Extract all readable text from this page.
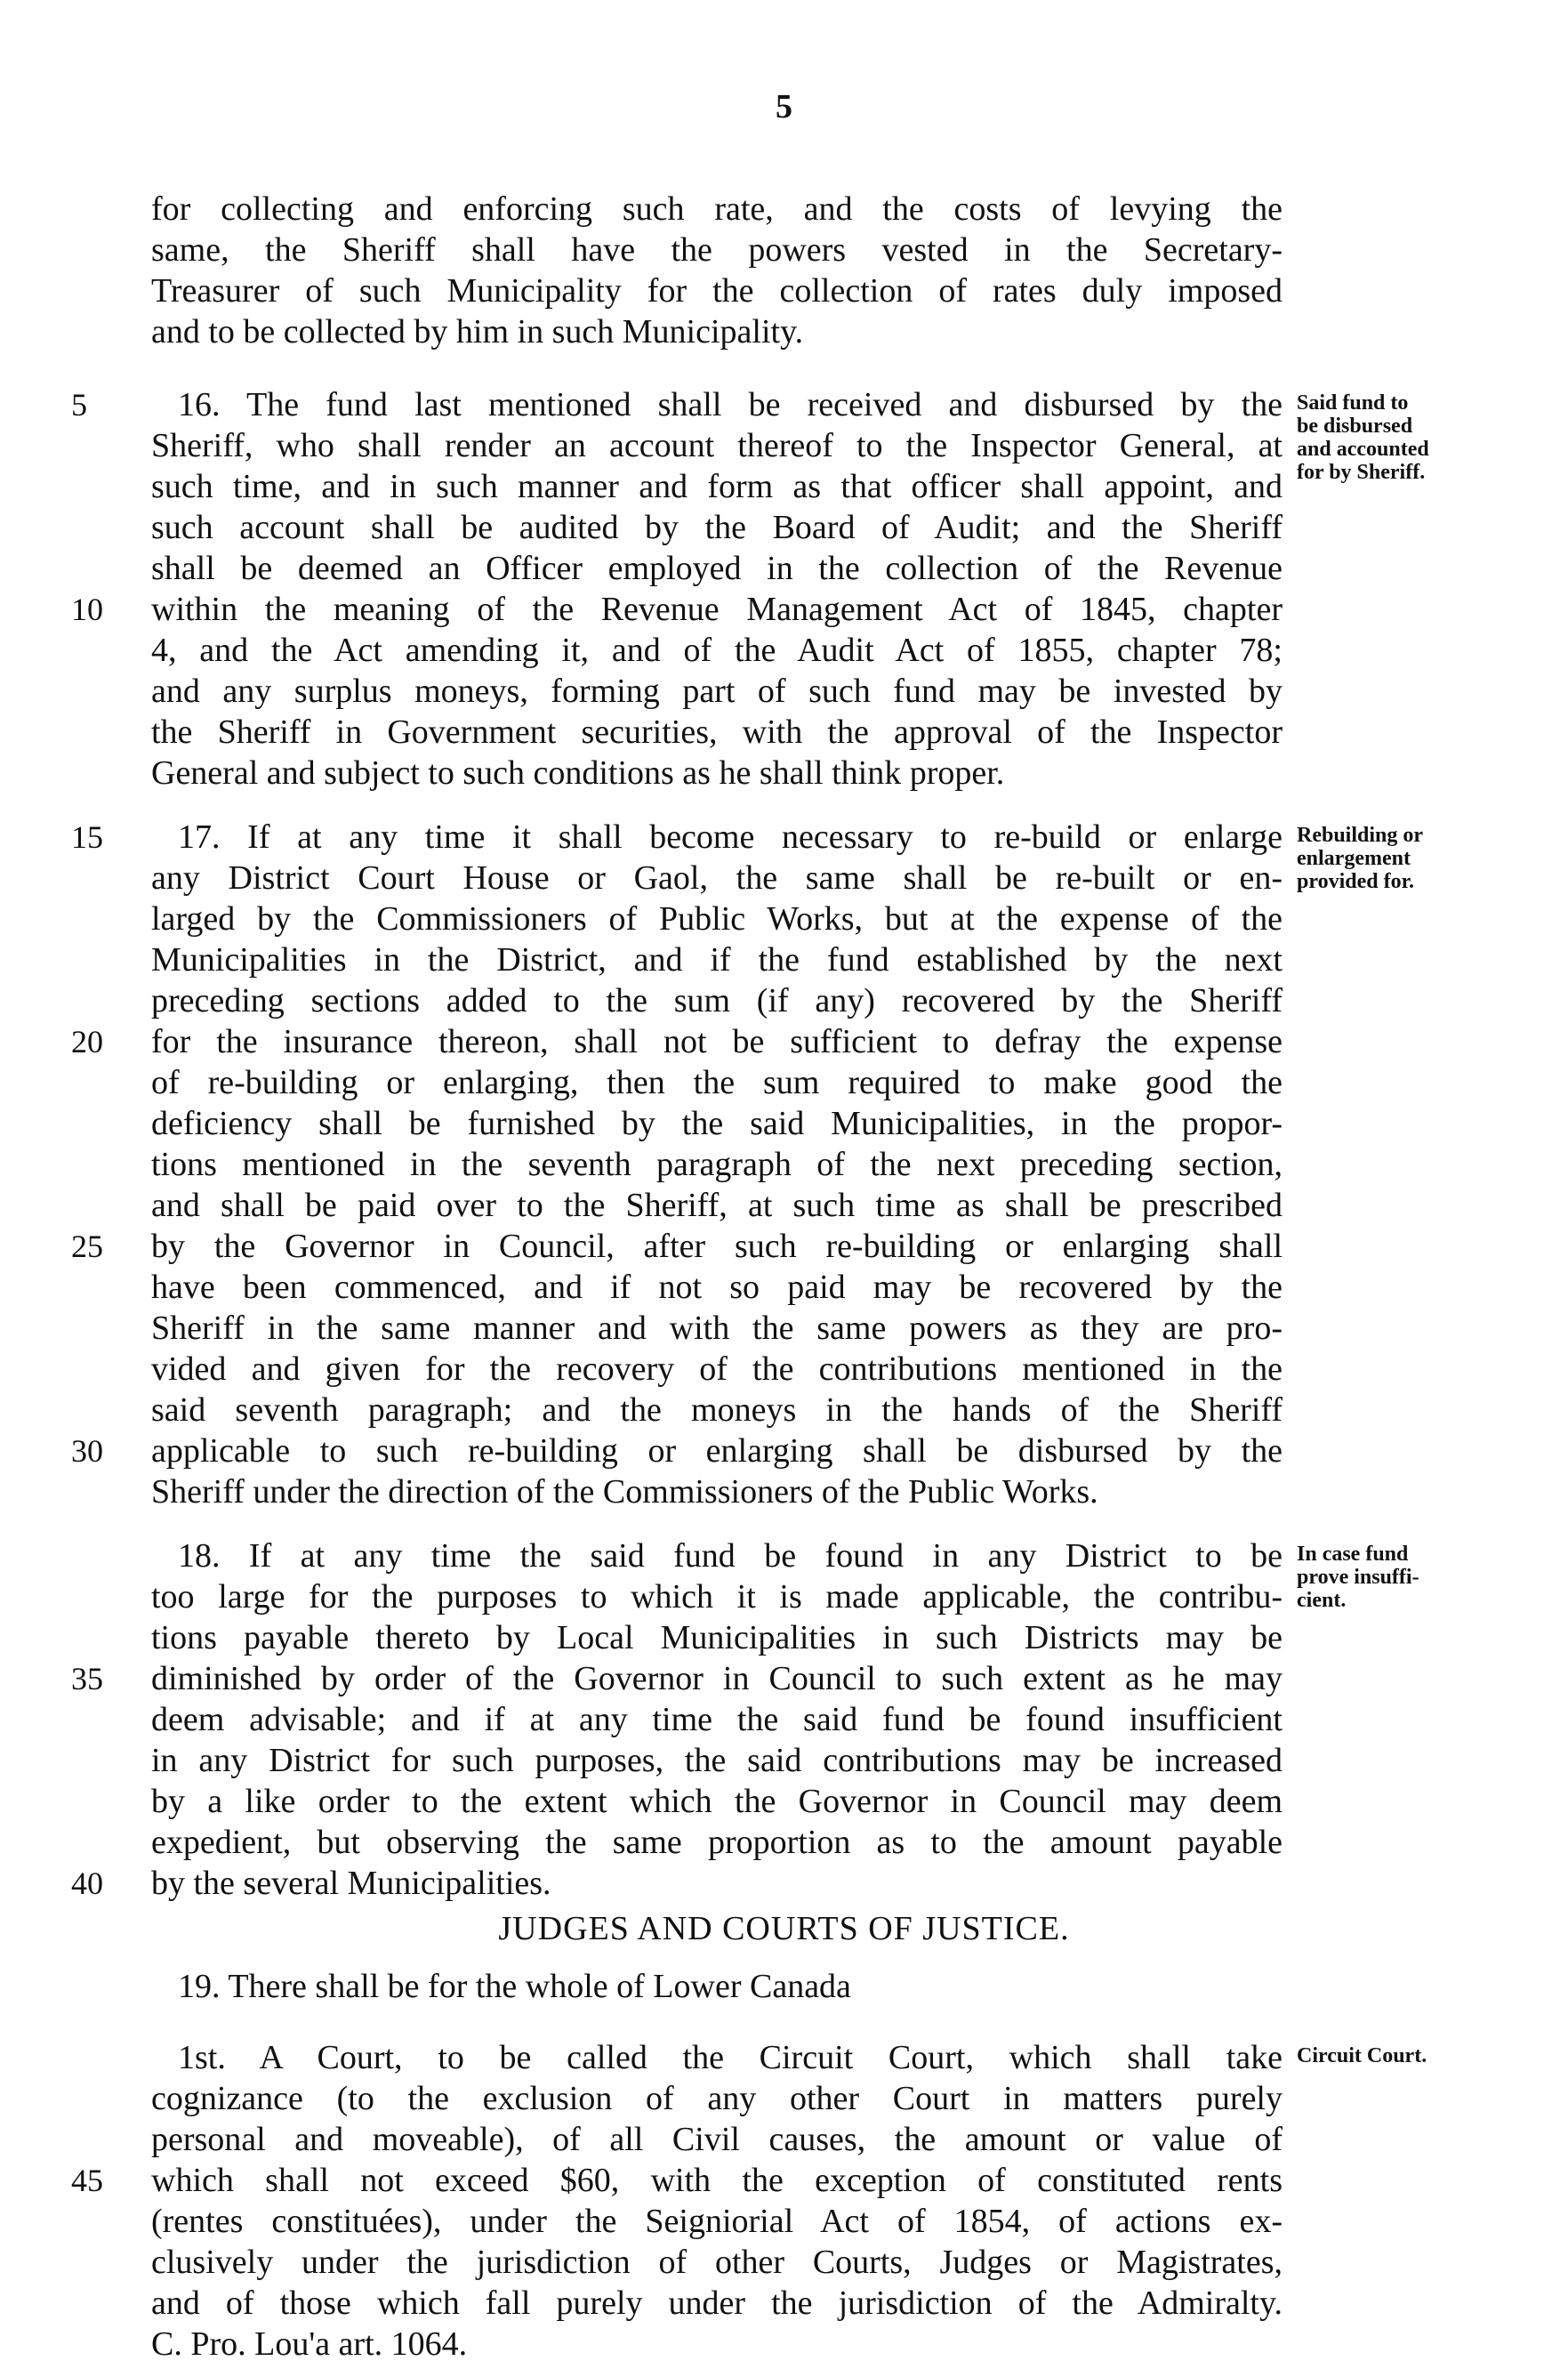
5
for collecting and enforcing such rate, and the costs of levying the
same, the Sheriff shall have the powers vested in the Secretary-
Treasurer of such Municipality for the collection of rates duly imposed
and to be collected by him in such Municipality.
5	16. The fund last mentioned shall be received and disbursed by the
Sheriff, who shall render an account thereof to the Inspector General, at
such time, and in such manner and form as that officer shall appoint, and
such account shall be audited by the Board of Audit; and the Sheriff
shall be deemed an Officer employed in the collection of the Revenue
10	within the meaning of the Revenue Management Act of 1845, chapter
4, and the Act amending it, and of the Audit Act of 1855, chapter 78;
and any surplus moneys, forming part of such fund may be invested by
the Sheriff in Government securities, with the approval of the Inspector
General and subject to such conditions as he shall think proper.
15	17. If at any time it shall become necessary to re-build or enlarge
any District Court House or Gaol, the same shall be re-built or en-
larged by the Commissioners of Public Works, but at the expense of the
Municipalities in the District, and if the fund established by the next
preceding sections added to the sum (if any) recovered by the Sheriff
20	for the insurance thereon, shall not be sufficient to defray the expense
of re-building or enlarging, then the sum required to make good the
deficiency shall be furnished by the said Municipalities, in the propor-
tions mentioned in the seventh paragraph of the next preceding section,
and shall be paid over to the Sheriff, at such time as shall be prescribed
25	by the Governor in Council, after such re-building or enlarging shall
have been commenced, and if not so paid may be recovered by the
Sheriff in the same manner and with the same powers as they are pro-
vided and given for the recovery of the contributions mentioned in the
said seventh paragraph; and the moneys in the hands of the Sheriff
30	applicable to such re-building or enlarging shall be disbursed by the
Sheriff under the direction of the Commissioners of the Public Works.
18. If at any time the said fund be found in any District to be
too large for the purposes to which it is made applicable, the contribu-
tions payable thereto by Local Municipalities in such Districts may be
35	diminished by order of the Governor in Council to such extent as he may
deem advisable; and if at any time the said fund be found insufficient
in any District for such purposes, the said contributions may be increased
by a like order to the extent which the Governor in Council may deem
expedient, but observing the same proportion as to the amount payable
40	by the several Municipalities.
19. There shall be for the whole of Lower Canada
1st. A Court, to be called the Circuit Court, which shall take
cognizance (to the exclusion of any other Court in matters purely
personal and moveable), of all Civil causes, the amount or value of
45	which shall not exceed $60, with the exception of constituted rents
(rentes constituées), under the Seigniorial Act of 1854, of actions ex-
clusively under the jurisdiction of other Courts, Judges or Magistrates,
and of those which fall purely under the jurisdiction of the Admiralty.
C. Pro. Lou'a art. 1064.
JUDGES AND COURTS OF JUSTICE.
Said fund to
be disbursed
and accounted
for by Sheriff.
Rebuilding or
enlargement
provided for.
In case fund
prove insuffi-
cient.
Circuit Court.
